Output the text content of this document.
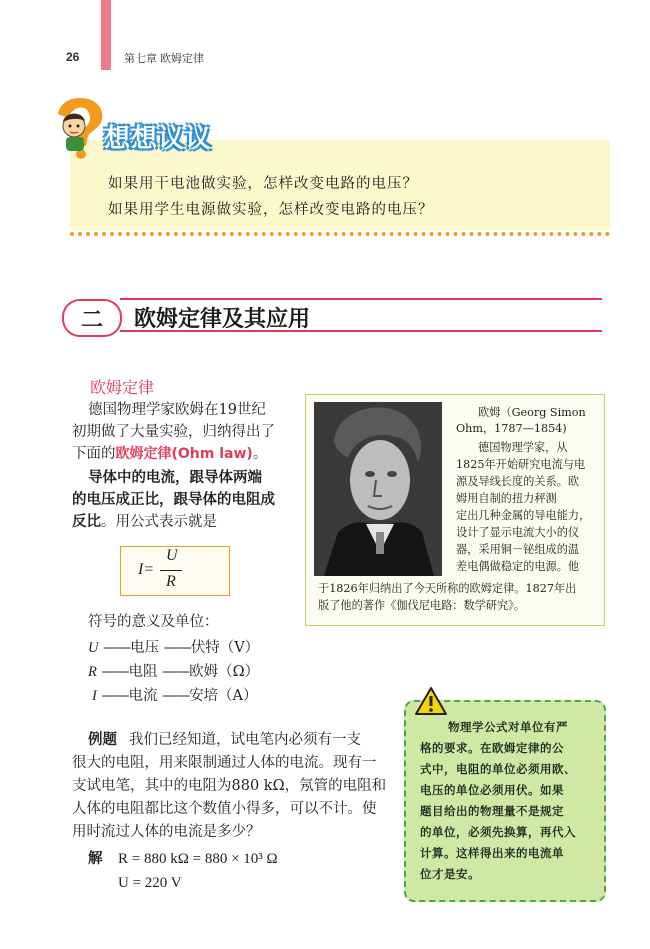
26	第七章 欧姆定律
想想议议
如果用干电池做实验，怎样改变电路的电压？
如果用学生电源做实验，怎样改变电路的电压？
二	欧姆定律及其应用
欧姆定律
德国物理学家欧姆在19世纪
初期做了大量实验，归纳得出了
下面的欧姆定律(Ohm law)。
导体中的电流，跟导体两端
的电压成正比，跟导体的电阻成
反比。用公式表示就是
I=
U
R
符号的意义及单位：
U ——电压 ——伏特（V）
R ——电阻 ——欧姆（Ω）
I ——电流 ——安培（A）
欧姆（Georg Simon
Ohm，1787—1854)
德国物理学家，从
1825年开始研究电流与电
源及导线长度的关系。欧
姆用自制的扭力秤测
定出几种金属的导电能力，
设计了显示电流大小的仪
器，采用铜－铋组成的温
差电偶做稳定的电源。他
于1826年归纳出了今天所称的欧姆定律。1827年出
版了他的著作《伽伐尼电路：数学研究》。
例题 我们已经知道，试电笔内必须有一支
很大的电阻，用来限制通过人体的电流。现有一
支试电笔，其中的电阻为880 kΩ，氖管的电阻和
人体的电阻都比这个数值小得多，可以不计。使
用时流过人体的电流是多少？
解 R = 880 kΩ = 880 × 10³ Ω
U = 220 V
物理学公式对单位有严
格的要求。在欧姆定律的公
式中，电阻的单位必须用欧、
电压的单位必须用伏。如果
题目给出的物理量不是规定
的单位，必须先换算，再代入
计算。这样得出来的电流单
位才是安。
